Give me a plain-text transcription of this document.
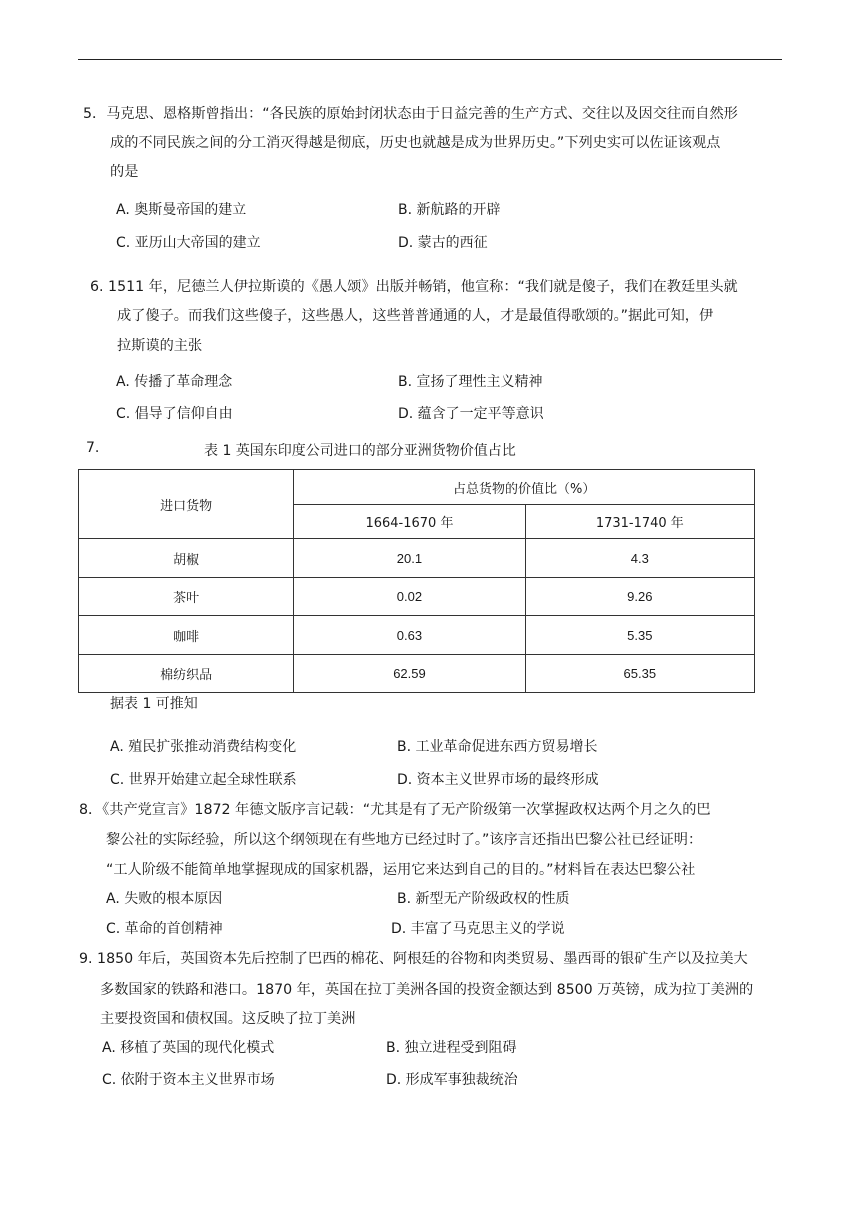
5．马克思、恩格斯曾指出：“各民族的原始封闭状态由于日益完善的生产方式、交往以及因交往而自然形
成的不同民族之间的分工消灭得越是彻底，历史也就越是成为世界历史。”下列史实可以佐证该观点
的是
A. 奥斯曼帝国的建立	B. 新航路的开辟
C. 亚历山大帝国的建立	D. 蒙古的西征
6. 1511 年，尼德兰人伊拉斯谟的《愚人颂》出版并畅销，他宣称：“我们就是傻子，我们在教廷里头就
成了傻子。而我们这些傻子，这些愚人，这些普普通通的人，才是最值得歌颂的。”据此可知，伊
拉斯谟的主张
A. 传播了革命理念	B. 宣扬了理性主义精神
C. 倡导了信仰自由	D. 蕴含了一定平等意识
7.	表 1 英国东印度公司进口的部分亚洲货物价值占比
进口货物	占总货物的价值比（%）	
	1664-1670 年	1731-1740 年
胡椒	20.1	4.3
茶叶	0.02	9.26
咖啡	0.63	5.35
棉纺织品	62.59	65.35
据表 1 可推知
A. 殖民扩张推动消费结构变化	B. 工业革命促进东西方贸易增长
C. 世界开始建立起全球性联系	D. 资本主义世界市场的最终形成
8．《共产党宣言》1872 年德文版序言记载：“尤其是有了无产阶级第一次掌握政权达两个月之久的巴
黎公社的实际经验，所以这个纲领现在有些地方已经过时了。”该序言还指出巴黎公社已经证明：
“工人阶级不能简单地掌握现成的国家机器，运用它来达到自己的目的。”材料旨在表达巴黎公社
A. 失败的根本原因	B. 新型无产阶级政权的性质
C. 革命的首创精神	D. 丰富了马克思主义的学说
9. 1850 年后，英国资本先后控制了巴西的棉花、阿根廷的谷物和肉类贸易、墨西哥的银矿生产以及拉美大
多数国家的铁路和港口。1870 年，英国在拉丁美洲各国的投资金额达到 8500 万英镑，成为拉丁美洲的
主要投资国和债权国。这反映了拉丁美洲
A. 移植了英国的现代化模式	B. 独立进程受到阻碍
C. 依附于资本主义世界市场	D. 形成军事独裁统治
